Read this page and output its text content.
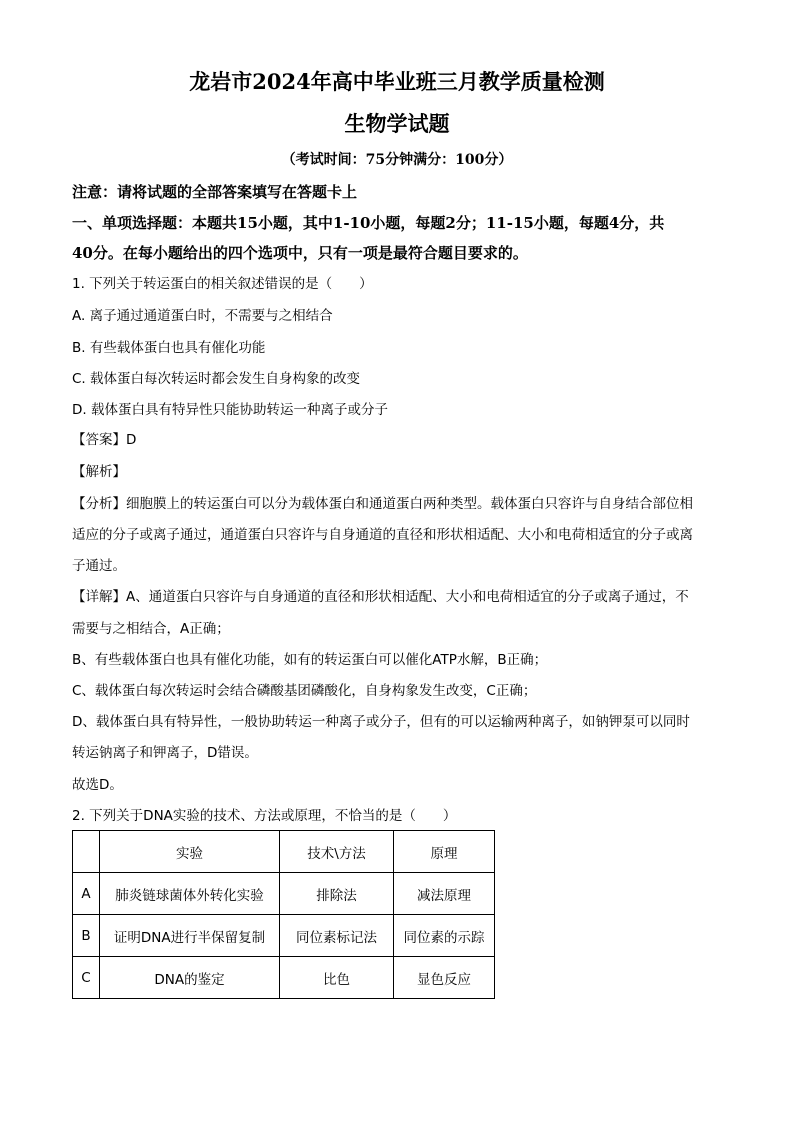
龙岩市2024年高中毕业班三月教学质量检测
生物学试题
（考试时间：75分钟满分：100分）
注意：请将试题的全部答案填写在答题卡上
一、单项选择题：本题共15小题，其中1-10小题，每题2分；11-15小题，每题4分，共
40分。在每小题给出的四个选项中，只有一项是最符合题目要求的。
1. 下列关于转运蛋白的相关叙述错误的是（　　）
A. 离子通过通道蛋白时，不需要与之相结合
B. 有些载体蛋白也具有催化功能
C. 载体蛋白每次转运时都会发生自身构象的改变
D. 载体蛋白具有特异性只能协助转运一种离子或分子
【答案】D
【解析】
【分析】细胞膜上的转运蛋白可以分为载体蛋白和通道蛋白两种类型。载体蛋白只容许与自身结合部位相
适应的分子或离子通过，通道蛋白只容许与自身通道的直径和形状相适配、大小和电荷相适宜的分子或离
子通过。
【详解】A、通道蛋白只容许与自身通道的直径和形状相适配、大小和电荷相适宜的分子或离子通过，不
需要与之相结合，A正确；
B、有些载体蛋白也具有催化功能，如有的转运蛋白可以催化ATP水解，B正确；
C、载体蛋白每次转运时会结合磷酸基团磷酸化，自身构象发生改变，C正确；
D、载体蛋白具有特异性，一般协助转运一种离子或分子，但有的可以运输两种离子，如钠钾泵可以同时
转运钠离子和钾离子，D错误。
故选D。
2. 下列关于DNA实验的技术、方法或原理，不恰当的是（　　）
	实验	技术\方法	原理
A	肺炎链球菌体外转化实验	排除法	减法原理
B	证明DNA进行半保留复制	同位素标记法	同位素的示踪
C	DNA的鉴定	比色	显色反应
